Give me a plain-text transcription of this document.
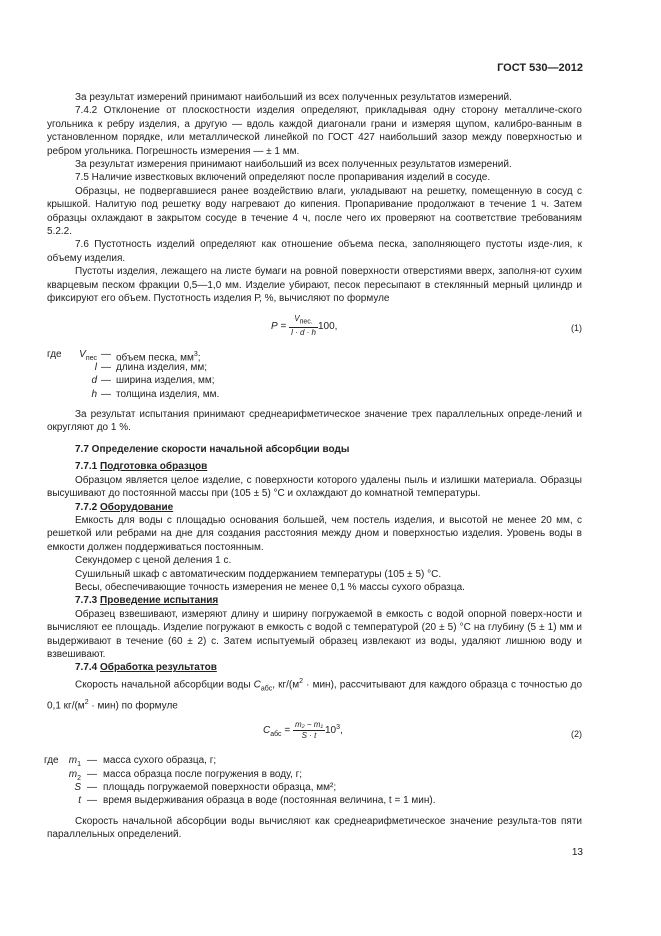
ГОСТ 530—2012

За результат измерений принимают наибольший из всех полученных результатов измерений.

7.4.2 Отклонение от плоскостности изделия определяют, прикладывая одну сторону металличе-ского угольника к ребру изделия, а другую — вдоль каждой диагонали грани и измеряя щупом, калибро-ванным в установленном порядке, или металлической линейкой по ГОСТ 427 наибольший зазор между поверхностью и ребром угольника. Погрешность измерения — ± 1 мм.

За результат измерения принимают наибольший из всех полученных результатов измерений.

7.5 Наличие известковых включений определяют после пропаривания изделий в сосуде.

Образцы, не подвергавшиеся ранее воздействию влаги, укладывают на решетку, помещенную в сосуд с крышкой. Налитую под решетку воду нагревают до кипения. Пропаривание продолжают в течение 1 ч. Затем образцы охлаждают в закрытом сосуде в течение 4 ч, после чего их проверяют на соответствие требованиям 5.2.2.

7.6 Пустотность изделий определяют как отношение объема песка, заполняющего пустоты изде-лия, к объему изделия.

Пустоты изделия, лежащего на листе бумаги на ровной поверхности отверстиями вверх, заполня-ют сухим кварцевым песком фракции 0,5—1,0 мм. Изделие убирают, песок пересыпают в стеклянный мерный цилиндр и фиксируют его объем. Пустотность изделия Р, %, вычисляют по формуле

$P = \frac{V_{пес.}}{l \cdot d \cdot h} 100$,	(1)
где	$V_{пес}$ — объем песка, $мм^3$;
l — длина изделия, мм;
d — ширина изделия, мм;
h — толщина изделия, мм.

За результат испытания принимают среднеарифметическое значение трех параллельных опреде-лений и округляют до 1 %.

7.7 Определение скорости начальной абсорбции воды

7.7.1 Подготовка образцов

Образцом является целое изделие, с поверхности которого удалены пыль и излишки материала. Образцы высушивают до постоянной массы при (105 ± 5) °С и охлаждают до комнатной температуры.

7.7.2 Оборудование

Емкость для воды с площадью основания большей, чем постель изделия, и высотой не менее 20 мм, с решеткой или ребрами на дне для создания расстояния между дном и поверхностью изделия. Уровень воды в емкости должен поддерживаться постоянным.

Секундомер с ценой деления 1 с.

Сушильный шкаф с автоматическим поддержанием температуры (105 ± 5) °С.

Весы, обеспечивающие точность измерения не менее 0,1 % массы сухого образца.

7.7.3 Проведение испытания

Образец взвешивают, измеряют длину и ширину погружаемой в емкость с водой опорной поверх-ности и вычисляют ее площадь. Изделие погружают в емкость с водой с температурой (20 ± 5) °С на глубину (5 ± 1) мм и выдерживают в течение (60 ± 2) с. Затем испытуемый образец извлекают из воды, удаляют лишнюю воду и взвешивают.

7.7.4 Обработка результатов

Скорость начальной абсорбции воды $C_{абс}$, $кг/(м^2 \cdot мин)$, рассчитывают для каждого образца с точностью до 0,1 $кг/(м^2 \cdot мин)$ по формуле

$C_{абс} = \frac{\text{m₂ − m₁}}{S \cdot t} 10^3$,	(2)
где	$m_1$ — масса сухого образца, г;
$m_2$ — масса образца после погружения в воду, г;
S — площадь погружаемой поверхности образца, мм²;
t — время выдерживания образца в воде (постоянная величина, t = 1 мин).

Скорость начальной абсорбции воды вычисляют как среднеарифметическое значение результа-тов пяти параллельных определений.

13
